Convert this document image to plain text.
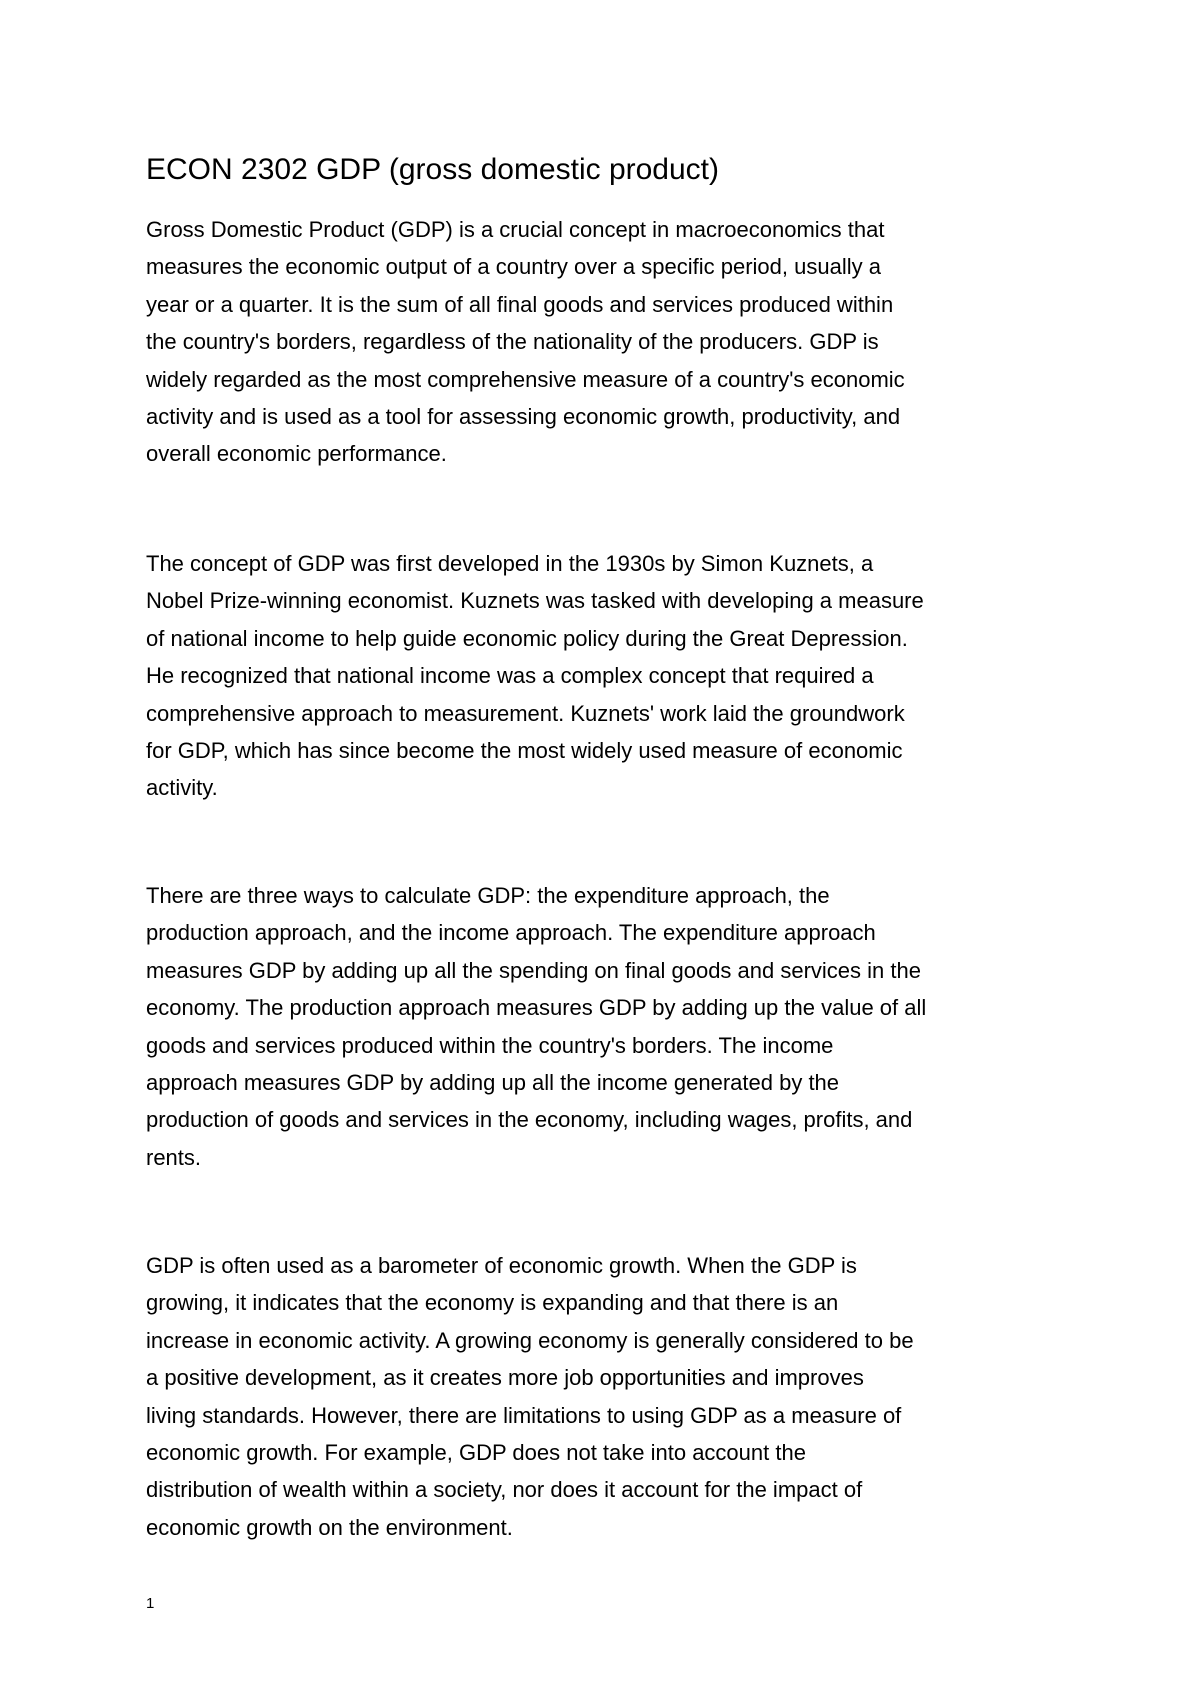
ECON 2302 GDP (gross domestic product)
Gross Domestic Product (GDP) is a crucial concept in macroeconomics that
measures the economic output of a country over a specific period, usually a
year or a quarter. It is the sum of all final goods and services produced within
the country's borders, regardless of the nationality of the producers. GDP is
widely regarded as the most comprehensive measure of a country's economic
activity and is used as a tool for assessing economic growth, productivity, and
overall economic performance.
The concept of GDP was first developed in the 1930s by Simon Kuznets, a
Nobel Prize-winning economist. Kuznets was tasked with developing a measure
of national income to help guide economic policy during the Great Depression.
He recognized that national income was a complex concept that required a
comprehensive approach to measurement. Kuznets' work laid the groundwork
for GDP, which has since become the most widely used measure of economic
activity.
There are three ways to calculate GDP: the expenditure approach, the
production approach, and the income approach. The expenditure approach
measures GDP by adding up all the spending on final goods and services in the
economy. The production approach measures GDP by adding up the value of all
goods and services produced within the country's borders. The income
approach measures GDP by adding up all the income generated by the
production of goods and services in the economy, including wages, profits, and
rents.
GDP is often used as a barometer of economic growth. When the GDP is
growing, it indicates that the economy is expanding and that there is an
increase in economic activity. A growing economy is generally considered to be
a positive development, as it creates more job opportunities and improves
living standards. However, there are limitations to using GDP as a measure of
economic growth. For example, GDP does not take into account the
distribution of wealth within a society, nor does it account for the impact of
economic growth on the environment.
1
